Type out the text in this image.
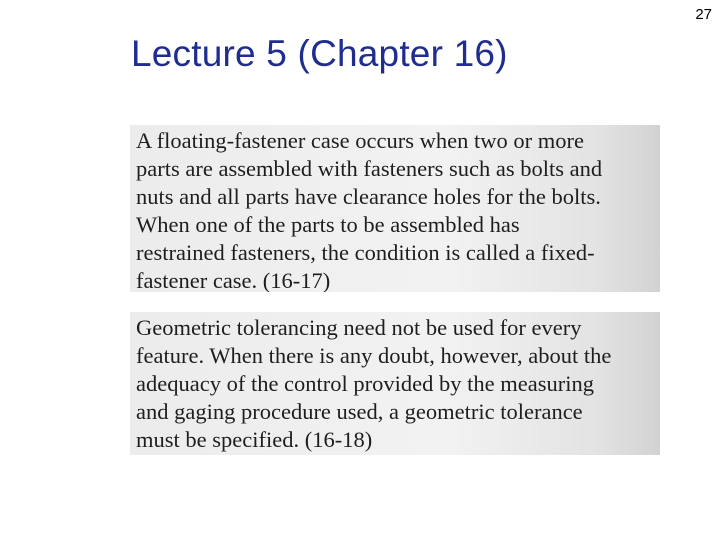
27
Lecture 5 (Chapter 16)
A floating-fastener case occurs when two or more
parts are assembled with fasteners such as bolts and
nuts and all parts have clearance holes for the bolts.
When one of the parts to be assembled has
restrained fasteners, the condition is called a fixed-
fastener case. (16-17)
Geometric tolerancing need not be used for every
feature. When there is any doubt, however, about the
adequacy of the control provided by the measuring
and gaging procedure used, a geometric tolerance
must be specified. (16-18)
